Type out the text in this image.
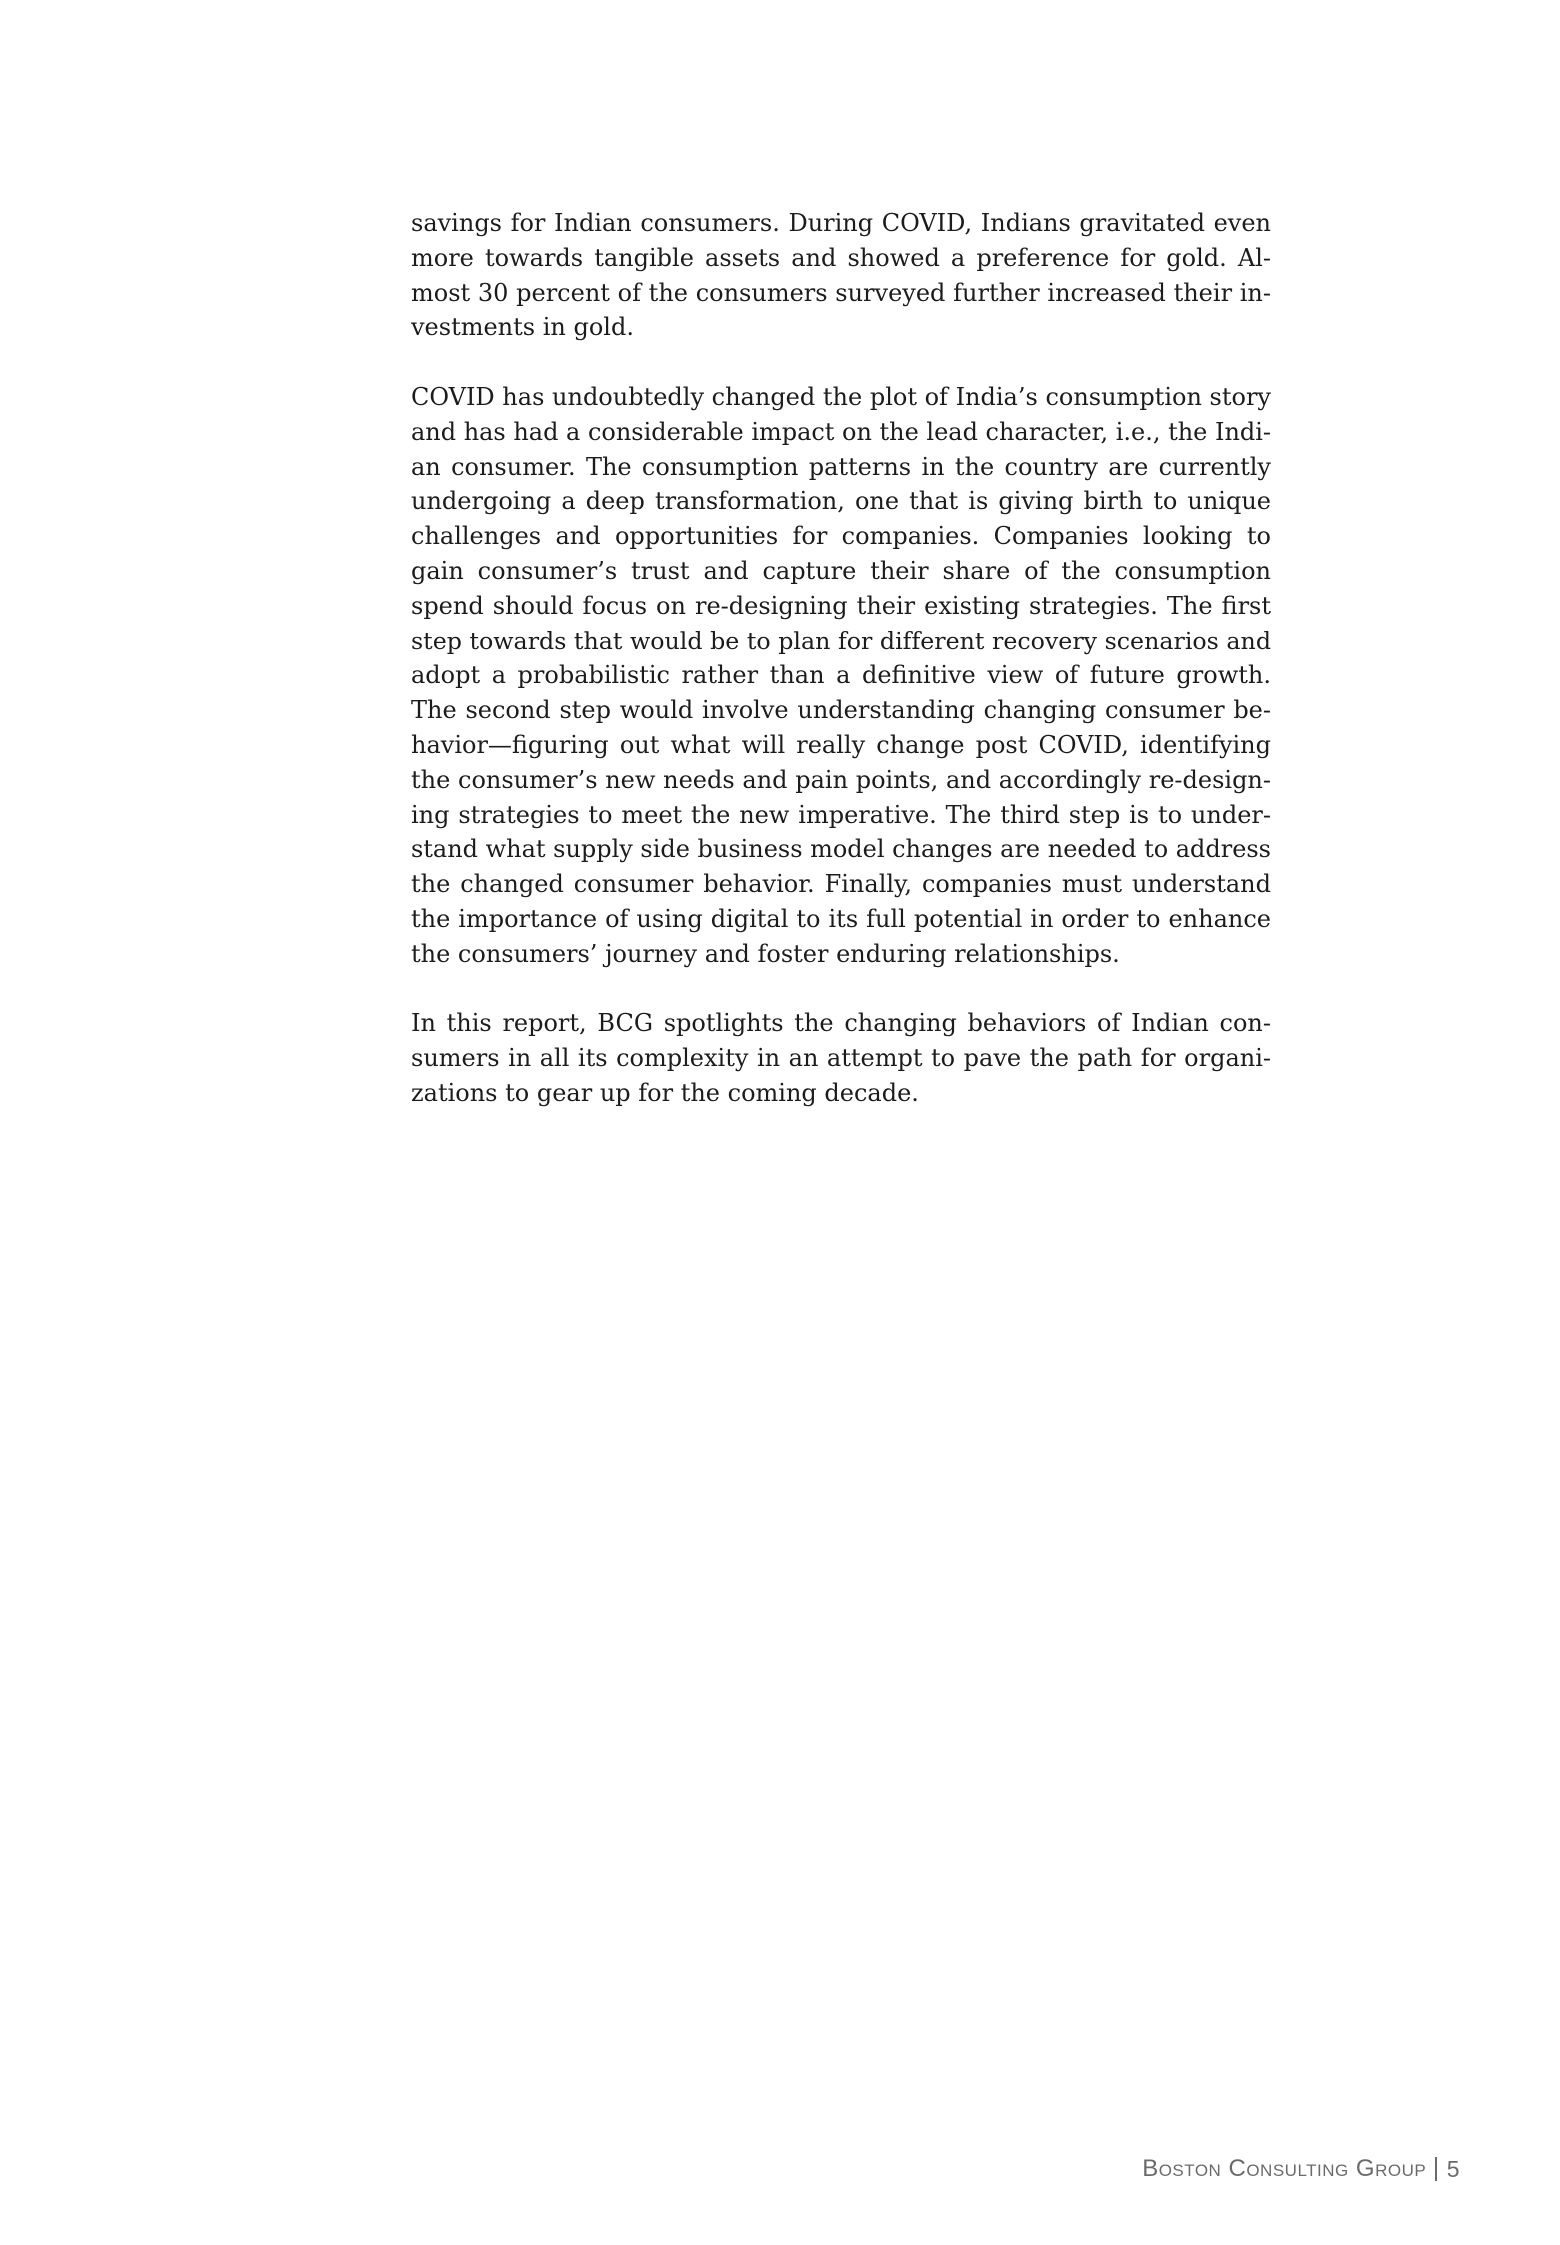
savings for Indian consumers. During COVID, Indians gravitated even
more towards tangible assets and showed a preference for gold. Al-
most 30 percent of the consumers surveyed further increased their in-
vestments in gold.

COVID has undoubtedly changed the plot of India’s consumption story
and has had a considerable impact on the lead character, i.e., the Indi-
an consumer. The consumption patterns in the country are currently
undergoing a deep transformation, one that is giving birth to unique
challenges and opportunities for companies. Companies looking to
gain consumer’s trust and capture their share of the consumption
spend should focus on re-designing their existing strategies. The first
step towards that would be to plan for different recovery scenarios and
adopt a probabilistic rather than a definitive view of future growth.
The second step would involve understanding changing consumer be-
havior—figuring out what will really change post COVID, identifying
the consumer’s new needs and pain points, and accordingly re-design-
ing strategies to meet the new imperative. The third step is to under-
stand what supply side business model changes are needed to address
the changed consumer behavior. Finally, companies must understand
the importance of using digital to its full potential in order to enhance
the consumers’ journey and foster enduring relationships.

In this report, BCG spotlights the changing behaviors of Indian con-
sumers in all its complexity in an attempt to pave the path for organi-
zations to gear up for the coming decade.

Boston Consulting Group 5
